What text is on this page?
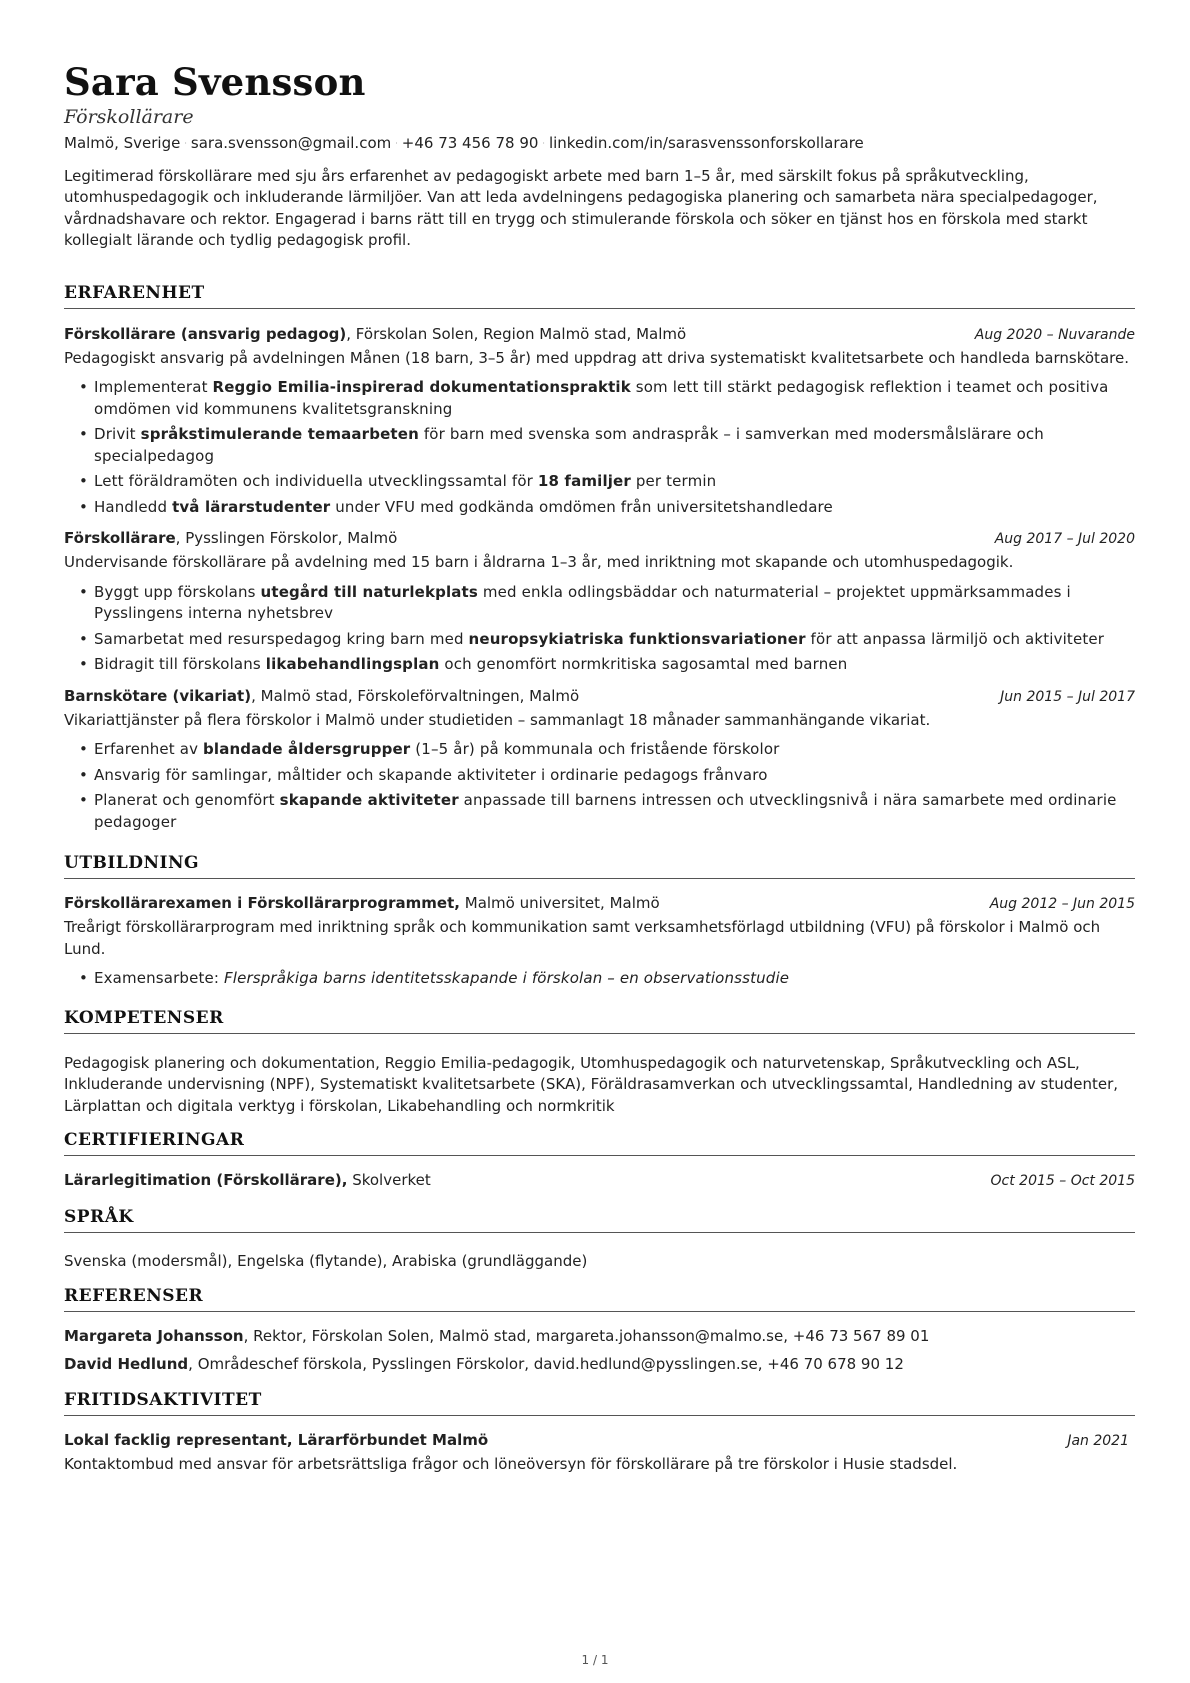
Sara Svensson
Förskollärare
Malmö, Sverige · sara.svensson@gmail.com · +46 73 456 78 90 · linkedin.com/in/sarasvenssonforskollarare

Legitimerad förskollärare med sju års erfarenhet av pedagogiskt arbete med barn 1–5 år, med särskilt fokus på språkutveckling, utomhuspedagogik och inkluderande lärmiljöer. Van att leda avdelningens pedagogiska planering och samarbeta nära specialpedagoger, vårdnadshavare och rektor. Engagerad i barns rätt till en trygg och stimulerande förskola och söker en tjänst hos en förskola med starkt kollegialt lärande och tydlig pedagogisk profil.

ERFARENHET
Förskollärare (ansvarig pedagog), Förskolan Solen, Region Malmö stad, Malmö	Aug 2020 – Nuvarande

Pedagogiskt ansvarig på avdelningen Månen (18 barn, 3–5 år) med uppdrag att driva systematiskt kvalitetsarbete och handleda barnskötare.

• Implementerat Reggio Emilia-inspirerad dokumentationspraktik som lett till stärkt pedagogisk reflektion i teamet och positiva omdömen vid kommunens kvalitetsgranskning
• Drivit språkstimulerande temaarbeten för barn med svenska som andraspråk – i samverkan med modersmålslärare och specialpedagog
• Lett föräldramöten och individuella utvecklingssamtal för 18 familjer per termin
• Handledd två lärarstudenter under VFU med godkända omdömen från universitetshandledare
Förskollärare, Pysslingen Förskolor, Malmö	Aug 2017 – Jul 2020

Undervisande förskollärare på avdelning med 15 barn i åldrarna 1–3 år, med inriktning mot skapande och utomhuspedagogik.

• Byggt upp förskolans utegård till naturlekplats med enkla odlingsbäddar och naturmaterial – projektet uppmärksammades i Pysslingens interna nyhetsbrev
• Samarbetat med resurspedagog kring barn med neuropsykiatriska funktionsvariationer för att anpassa lärmiljö och aktiviteter
• Bidragit till förskolans likabehandlingsplan och genomfört normkritiska sagosamtal med barnen
Barnskötare (vikariat), Malmö stad, Förskoleförvaltningen, Malmö	Jun 2015 – Jul 2017

Vikariattjänster på flera förskolor i Malmö under studietiden – sammanlagt 18 månader sammanhängande vikariat.

• Erfarenhet av blandade åldersgrupper (1–5 år) på kommunala och fristående förskolor
• Ansvarig för samlingar, måltider och skapande aktiviteter i ordinarie pedagogs frånvaro
• Planerat och genomfört skapande aktiviteter anpassade till barnens intressen och utvecklingsnivå i nära samarbete med ordinarie pedagoger
UTBILDNING
Förskollärarexamen i Förskollärarprogrammet, Malmö universitet, Malmö	Aug 2012 – Jun 2015

Treårigt förskollärarprogram med inriktning språk och kommunikation samt verksamhetsförlagd utbildning (VFU) på förskolor i Malmö och Lund.

• Examensarbete: Flerspråkiga barns identitetsskapande i förskolan – en observationsstudie
KOMPETENSER

Pedagogisk planering och dokumentation, Reggio Emilia-pedagogik, Utomhuspedagogik och naturvetenskap, Språkutveckling och ASL, Inkluderande undervisning (NPF), Systematiskt kvalitetsarbete (SKA), Föräldrasamverkan och utvecklingssamtal, Handledning av studenter, Lärplattan och digitala verktyg i förskolan, Likabehandling och normkritik

CERTIFIERINGAR
Lärarlegitimation (Förskollärare), Skolverket	Oct 2015 – Oct 2015
SPRÅK

Svenska (modersmål), Engelska (flytande), Arabiska (grundläggande)

REFERENSER
Margareta Johansson, Rektor, Förskolan Solen, Malmö stad, margareta.johansson@malmo.se, +46 73 567 89 01
David Hedlund, Områdeschef förskola, Pysslingen Förskolor, david.hedlund@pysslingen.se, +46 70 678 90 12
FRITIDSAKTIVITET
Lokal facklig representant, Lärarförbundet Malmö	Jan 2021

Kontaktombud med ansvar för arbetsrättsliga frågor och löneöversyn för förskollärare på tre förskolor i Husie stadsdel.

1 / 1
